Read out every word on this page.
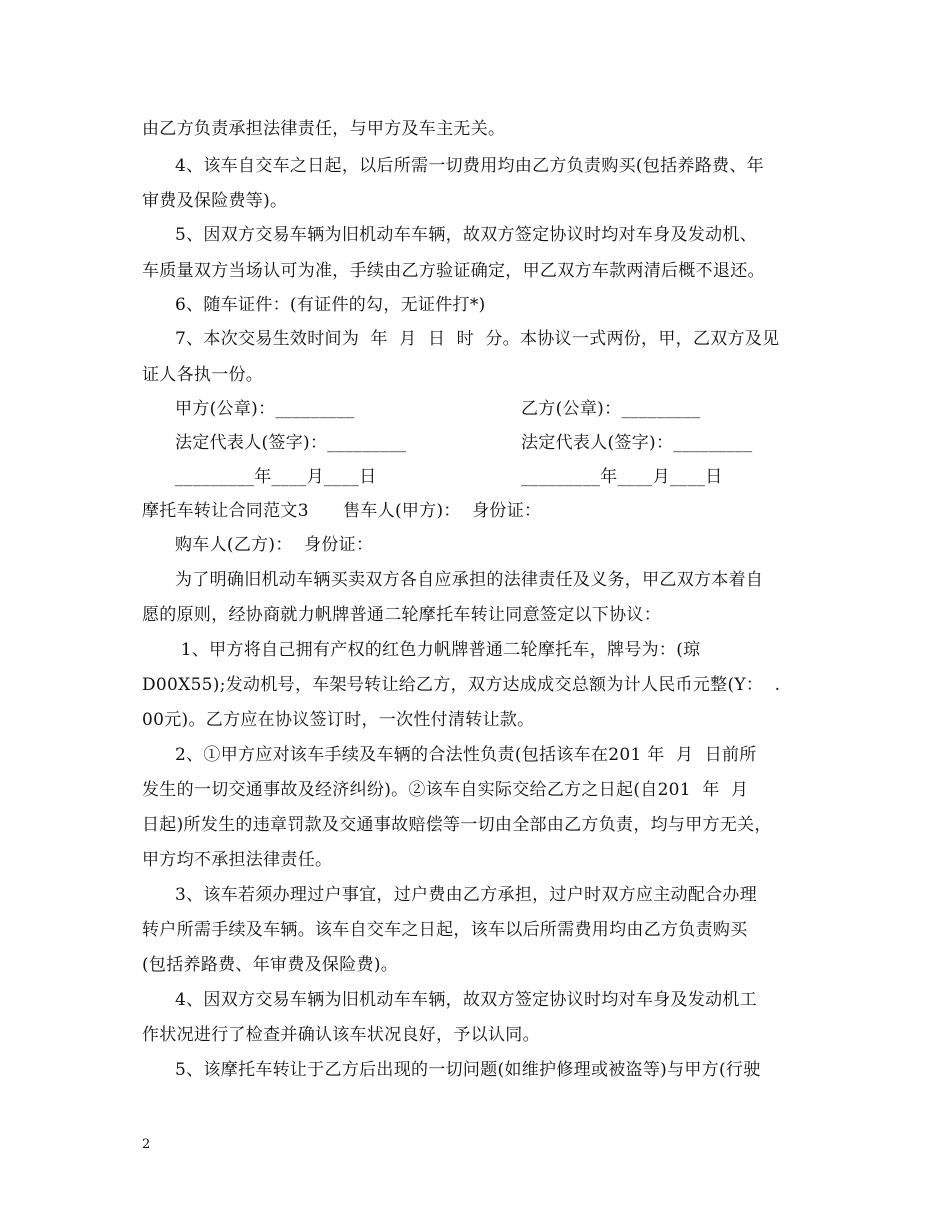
由乙方负责承担法律责任，与甲方及车主无关。
4、该车自交车之日起，以后所需一切费用均由乙方负责购买(包括养路费、年
审费及保险费等)。
5、因双方交易车辆为旧机动车车辆，故双方签定协议时均对车身及发动机、
车质量双方当场认可为准，手续由乙方验证确定，甲乙双方车款两清后概不退还。
6、随车证件：(有证件的勾，无证件打*)
7、本次交易生效时间为  年  月  日  时  分。本协议一式两份，甲，乙双方及见
证人各执一份。
甲方(公章)：_________	乙方(公章)：_________
法定代表人(签字)：_________	法定代表人(签字)：_________
_________年____月____日	_________年____月____日
摩托车转让合同范文3      售车人(甲方)：  身份证：
购车人(乙方)：  身份证：
为了明确旧机动车辆买卖双方各自应承担的法律责任及义务，甲乙双方本着自
愿的原则，经协商就力帆牌普通二轮摩托车转让同意签定以下协议：
1、甲方将自己拥有产权的红色力帆牌普通二轮摩托车，牌号为：(琼
D00X55);发动机号，车架号转让给乙方，双方达成成交总额为计人民币元整(Y：  .
00元)。乙方应在协议签订时，一次性付清转让款。
2、①甲方应对该车手续及车辆的合法性负责(包括该车在201 年  月  日前所
发生的一切交通事故及经济纠纷)。②该车自实际交给乙方之日起(自201  年  月
日起)所发生的违章罚款及交通事故赔偿等一切由全部由乙方负责，均与甲方无关，
甲方均不承担法律责任。
3、该车若须办理过户事宜，过户费由乙方承担，过户时双方应主动配合办理
转户所需手续及车辆。该车自交车之日起，该车以后所需费用均由乙方负责购买
(包括养路费、年审费及保险费)。
4、因双方交易车辆为旧机动车车辆，故双方签定协议时均对车身及发动机工
作状况进行了检查并确认该车状况良好，予以认同。
5、该摩托车转让于乙方后出现的一切问题(如维护修理或被盗等)与甲方(行驶
2
